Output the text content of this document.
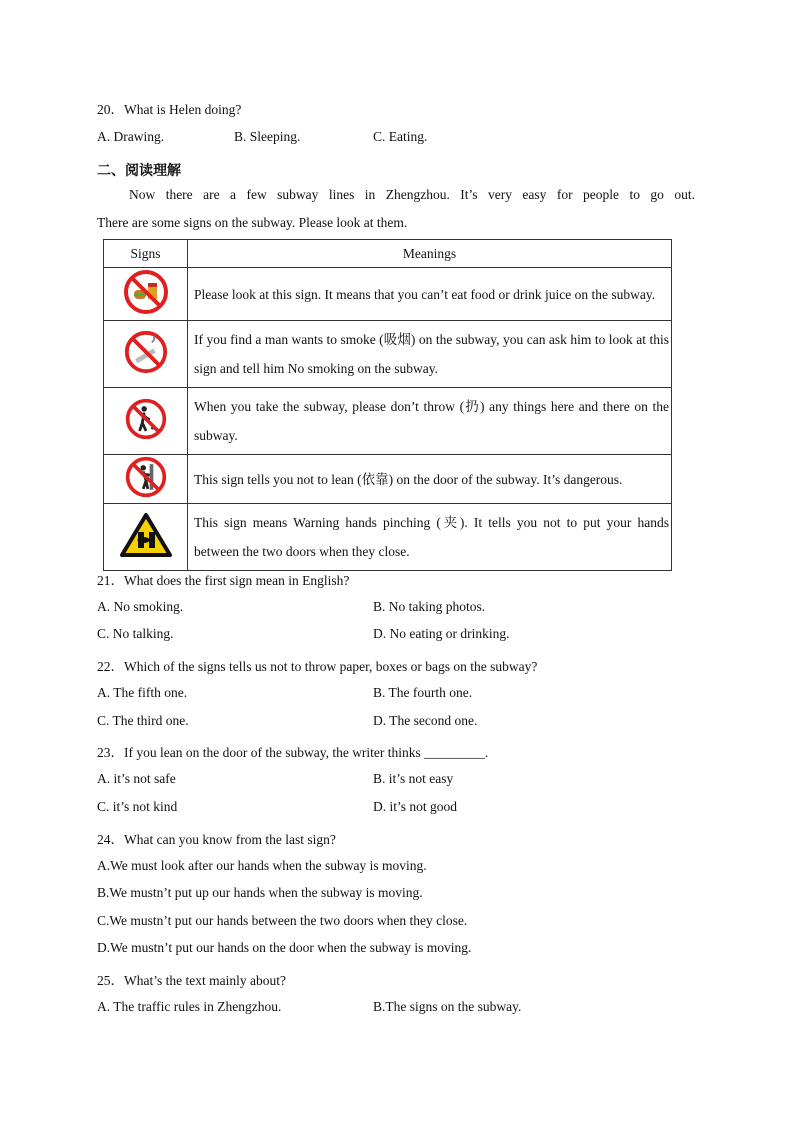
20．What is Helen doing?
A. Drawing.	B. Sleeping.	C. Eating.
二、阅读理解
Now there are a few subway lines in Zhengzhou. It’s very easy for people to go out.
There are some signs on the subway. Please look at them.
Signs	Meanings
	Please look at this sign. It means that you can’t eat food or drink juice on the subway.
	If you find a man wants to smoke (吸烟) on the subway, you can ask him to look at this sign and tell him No smoking on the subway.
	When you take the subway, please don’t throw (扔) any things here and there on the subway.
	This sign tells you not to lean (依靠) on the door of the subway. It’s dangerous.
	This sign means Warning hands pinching (夹). It tells you not to put your hands between the two doors when they close.
21．What does the first sign mean in English?
A. No smoking.	B. No taking photos.
C. No talking.	D. No eating or drinking.
22．Which of the signs tells us not to throw paper, boxes or bags on the subway?
A. The fifth one.	B. The fourth one.
C. The third one.	D. The second one.
23．If you lean on the door of the subway, the writer thinks _________.
A. it’s not safe	B. it’s not easy
C. it’s not kind	D. it’s not good
24．What can you know from the last sign?
A.We must look after our hands when the subway is moving.
B.We mustn’t put up our hands when the subway is moving.
C.We mustn’t put our hands between the two doors when they close.
D.We mustn’t put our hands on the door when the subway is moving.
25．What’s the text mainly about?
A. The traffic rules in Zhengzhou.	B.The signs on the subway.
